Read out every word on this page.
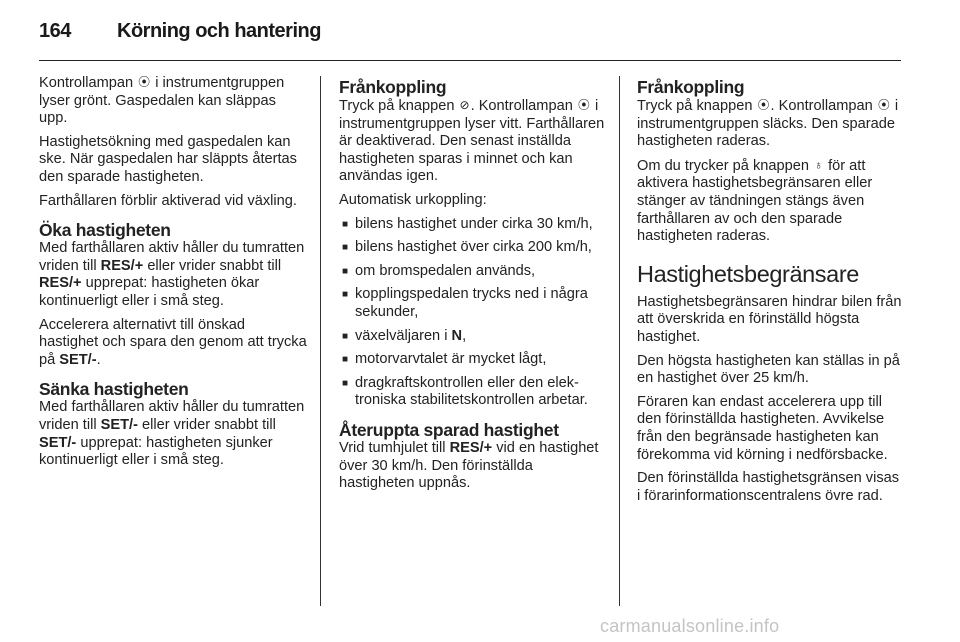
164 Körning och hantering

Kontrollampan ⦿ i instrumentgruppen lyser grönt. Gaspedalen kan släppas upp.

Hastighetsökning med gaspedalen kan ske. När gaspedalen har släppts återtas den sparade hastigheten.

Farthållaren förblir aktiverad vid växling.

Öka hastigheten

Med farthållaren aktiv håller du tumratten vriden till RES/+ eller vrider snabbt till RES/+ upprepat: hastigheten ökar kontinuerligt eller i små steg.

Accelerera alternativt till önskad hastighet och spara den genom att trycka på SET/-.

Sänka hastigheten

Med farthållaren aktiv håller du tumratten vriden till SET/- eller vrider snabbt till SET/- upprepat: hastigheten sjunker kontinuerligt eller i små steg.

Frånkoppling

Tryck på knappen ⊘. Kontrollampan ⦿ i instrumentgruppen lyser vitt. Farthållaren är deaktiverad. Den senast inställda hastigheten sparas i minnet och kan användas igen.

Automatisk urkoppling:

■ bilens hastighet under cirka 30 km/h,
■ bilens hastighet över cirka 200 km/h,
■ om bromspedalen används,
■ kopplingspedalen trycks ned i några sekunder,
■ växelväljaren i N,
■ motorvarvtalet är mycket lågt,
■ dragkraftskontrollen eller den elektroniska stabilitetskontrollen arbetar.
Återuppta sparad hastighet

Vrid tumhjulet till RES/+ vid en hastighet över 30 km/h. Den förinställda hastigheten uppnås.

Frånkoppling

Tryck på knappen ⦿. Kontrollampan ⦿ i instrumentgruppen släcks. Den sparade hastigheten raderas.

Om du trycker på knappen ♁ för att aktivera hastighetsbegränsaren eller stänger av tändningen stängs även farthållaren av och den sparade hastigheten raderas.

Hastighetsbegränsare

Hastighetsbegränsaren hindrar bilen från att överskrida en förinställd högsta hastighet.

Den högsta hastigheten kan ställas in på en hastighet över 25 km/h.

Föraren kan endast accelerera upp till den förinställda hastigheten. Avvikelse från den begränsade hastigheten kan förekomma vid körning i nedförsbacke.

Den förinställda hastighetsgränsen visas i förarinformationscentralens övre rad.

carmanualsonline.info
